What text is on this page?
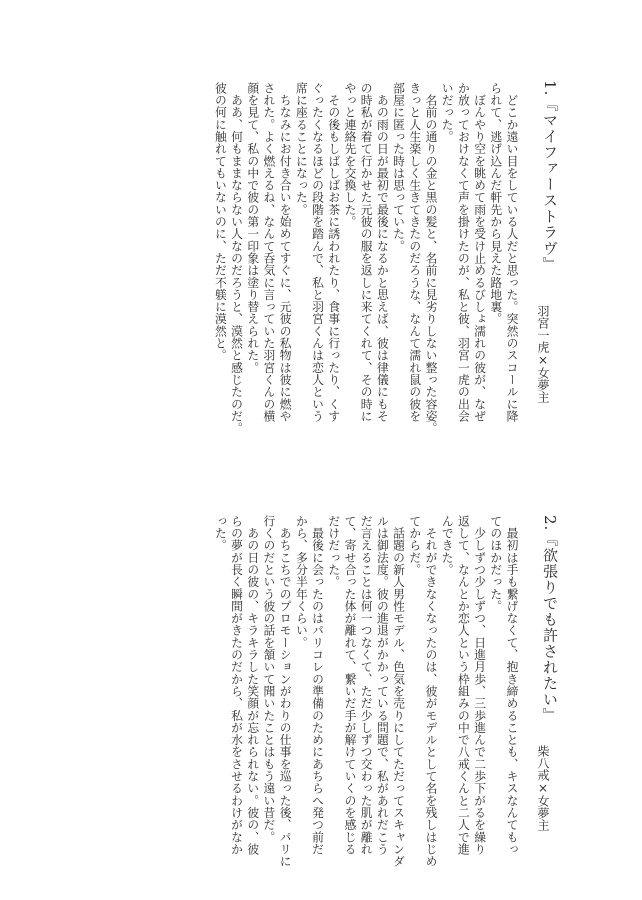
1.『マイファーストラヴ』
羽宮一虎×女夢主
　どこか遠い目をしている人だと思った。突然のスコールに降
られて、逃げ込んだ軒先から見えた路地裏。
　ぼんやり空を眺めて雨を受け止めるびしょ濡れの彼が、なぜ
か放っておけなくて声を掛けたのが、私と彼、羽宮一虎の出会
いだった。
　名前の通りの金と黒の髪と、名前に見劣りしない整った容姿。
きっと人生楽しく生きてきたのだろうな、なんて濡れ鼠の彼を
部屋に匿った時は思っていた。
　あの雨の日が最初で最後になるかと思えば、彼は律儀にもそ
の時私が着て行かせた元彼の服を返しに来てくれて、その時に
やっと連絡先を交換した。
　その後もしばしばお茶に誘われたり、食事に行ったり、くす
ぐったくなるほどの段階を踏んで、私と羽宮くんは恋人という
席に座ることになった。
　ちなみにお付き合いを始めてすぐに、元彼の私物は彼に燃や
された。よく燃えるね、なんて呑気に言っていた羽宮くんの横
顔を見て、私の中で彼の第一印象は塗り替えられた。
　ああ、何もままならない人なのだろうと、漠然と感じたのだ。
彼の何に触れてもいないのに、ただ不躾に漠然と。
2.『欲張りでも許されたい』
柴八戒×女夢主
　最初は手も繋げなくて、抱き締めることも、キスなんてもっ
てのほかだった。
　少しずつ少しずつ、日進月歩、三歩進んで二歩下がるを繰り
返して、なんとか恋人という枠組みの中で八戒くんと二人で進
んできた。
　それができなくなったのは、彼がモデルとして名を残しはじめ
てからだ。
　話題の新人男性モデル、色気を売りにしてただってスキャンダ
ルは御法度。彼の進退がかかっている問題で、私があれだこう
だ言えることは何一つなくて、ただ少しずつ交わった肌が離れ
て、寄せ合った体が離れて、繋いだ手が解けていくのを感じる
だけだった。
　最後に会ったのはパリコレの準備のためにあちらへ発つ前だ
から、多分半年くらい。
　あちこちでのプロモーションがわりの仕事を巡った後、パリに
行くのだという彼の話を頷いて聞いたことはもう遠い昔だ。
　あの日の彼の、キラキラした笑顔が忘れられない。彼の、彼
らの夢が長く瞬間がきたのだから、私が水をさせるわけがなか
った。
